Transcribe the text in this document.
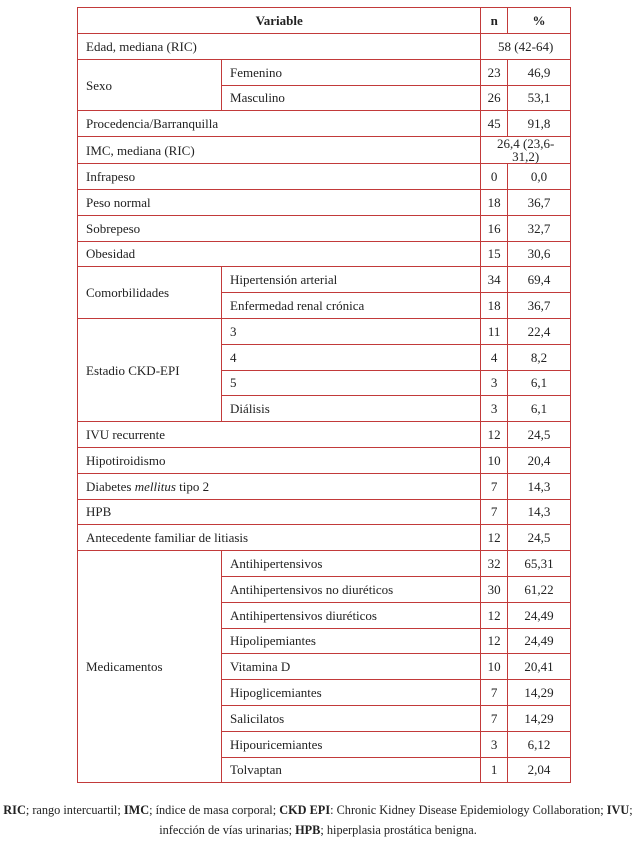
Variable		n	%
Edad, mediana (RIC)		58 (42-64)	
Sexo	Femenino	23	46,9
	Masculino	26	53,1
Procedencia/Barranquilla		45	91,8
IMC, mediana (RIC)		26,4 (23,6-31,2)	
Infrapeso		0	0,0
Peso normal		18	36,7
Sobrepeso		16	32,7
Obesidad		15	30,6
Comorbilidades	Hipertensión arterial	34	69,4
	Enfermedad renal crónica	18	36,7
Estadio CKD-EPI	3	11	22,4
	4	4	8,2
	5	3	6,1
	Diálisis	3	6,1
IVU recurrente		12	24,5
Hipotiroidismo		10	20,4
Diabetes mellitus tipo 2		7	14,3
HPB		7	14,3
Antecedente familiar de litiasis		12	24,5
Medicamentos	Antihipertensivos	32	65,31
	Antihipertensivos no diuréticos	30	61,22
	Antihipertensivos diuréticos	12	24,49
	Hipolipemiantes	12	24,49
	Vitamina D	10	20,41
	Hipoglicemiantes	7	14,29
	Salicilatos	7	14,29
	Hipouricemiantes	3	6,12
	Tolvaptan	1	2,04
RIC; rango intercuartil; IMC; índice de masa corporal; CKD EPI: Chronic Kidney Disease Epidemiology Collaboration; IVU; infección de vías urinarias; HPB; hiperplasia prostática benigna.
